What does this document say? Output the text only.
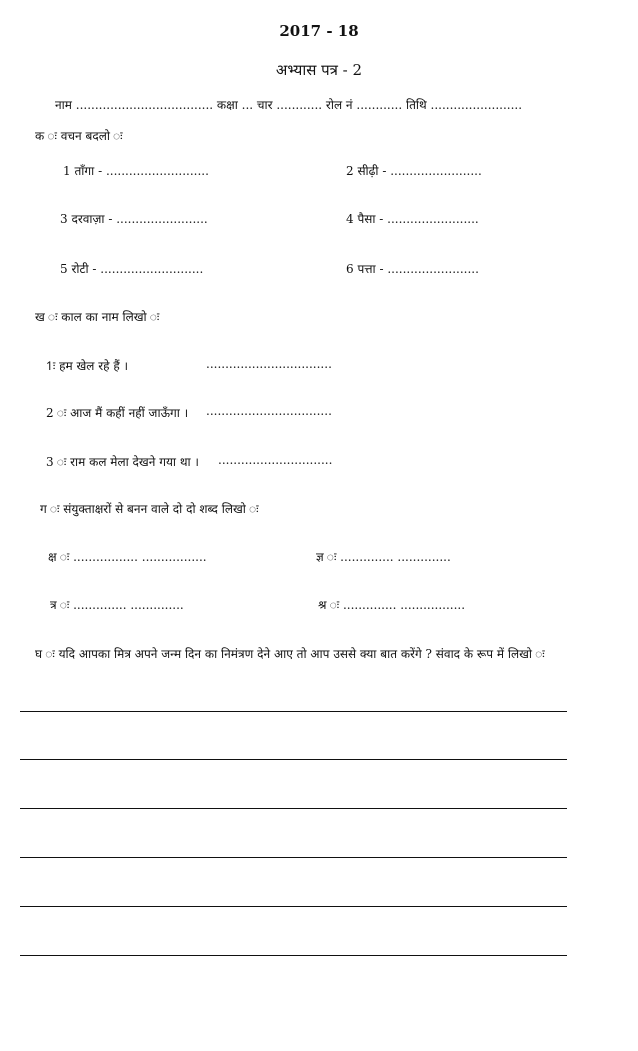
2017 - 18
अभ्यास पत्र - 2
नाम .................................... कक्षा ... चार ............ रोल नं ............ तिथि ........................
क ः वचन बदलो ः
1 ताँगा - ...........................	2 सीढ़ी - ........................
3 दरवाज़ा - ........................	4 पैसा - ........................
5 रोटी - ...........................	6 पत्ता - ........................
ख ः काल का नाम लिखो ः
1ः हम खेल रहे हैं ।	.................................
2 ः आज मैं कहीं नहीं जाऊँगा । .................................
3 ः राम कल मेला देखने गया था । ..............................
ग ः संयुक्ताक्षरों से बनन वाले दो दो शब्द लिखो ः
क्ष ः ................. .................	ज्ञ ः .............. ..............
त्र ः .............. ..............	श्र ः .............. .................
घ ः यदि आपका मित्र अपने जन्म दिन का निमंत्रण देने आए तो आप उससे क्या बात करेंगे ? संवाद के रूप में लिखो ः
